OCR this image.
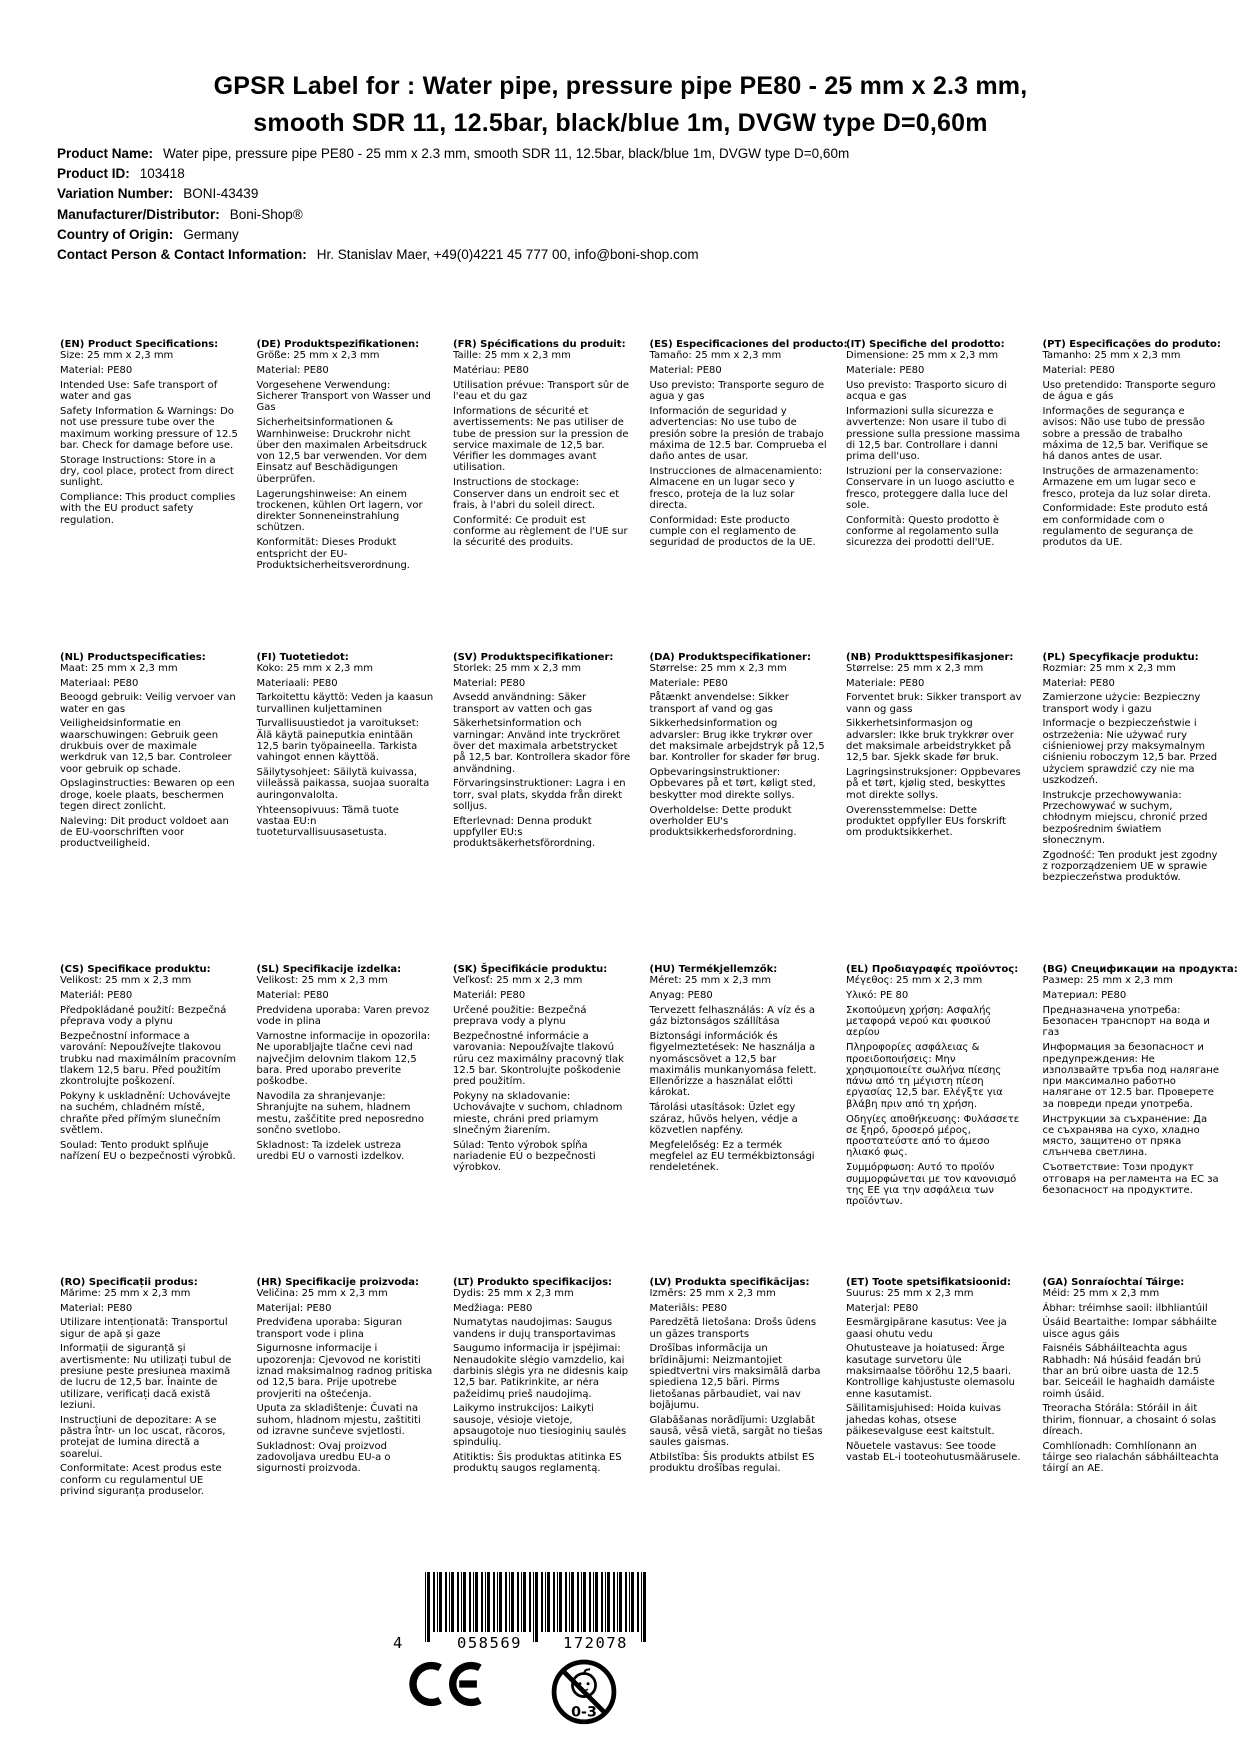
GPSR Label for : Water pipe, pressure pipe PE80 - 25 mm x 2.3 mm,
smooth SDR 11, 12.5bar, black/blue 1m, DVGW type D=0,60m
Product Name: Water pipe, pressure pipe PE80 - 25 mm x 2.3 mm, smooth SDR 11, 12.5bar, black/blue 1m, DVGW type D=0,60m
Product ID: 103418
Variation Number: BONI-43439
Manufacturer/Distributor: Boni-Shop®
Country of Origin: Germany
Contact Person & Contact Information: Hr. Stanislav Maer, +49(0)4221 45 777 00, info@boni-shop.com
(EN) Product Specifications:

Size: 25 mm x 2,3 mm

Material: PE80

Intended Use: Safe transport of water and gas

Safety Information & Warnings: Do not use pressure tube over the maximum working pressure of 12.5 bar. Check for damage before use.

Storage Instructions: Store in a dry, cool place, protect from direct sunlight.

Compliance: This product complies with the EU product safety regulation.

(DE) Produktspezifikationen:

Größe: 25 mm x 2,3 mm

Material: PE80

Vorgesehene Verwendung: Sicherer Transport von Wasser und Gas

Sicherheitsinformationen & Warnhinweise: Druckrohr nicht über den maximalen Arbeitsdruck von 12,5 bar verwenden. Vor dem Einsatz auf Beschädigungen überprüfen.

Lagerungshinweise: An einem trockenen, kühlen Ort lagern, vor direkter Sonneneinstrahlung schützen.

Konformität: Dieses Produkt entspricht der EU-Produktsicherheitsverordnung.

(FR) Spécifications du produit:

Taille: 25 mm x 2,3 mm

Matériau: PE80

Utilisation prévue: Transport sûr de l'eau et du gaz

Informations de sécurité et avertissements: Ne pas utiliser de tube de pression sur la pression de service maximale de 12,5 bar. Vérifier les dommages avant utilisation.

Instructions de stockage: Conserver dans un endroit sec et frais, à l'abri du soleil direct.

Conformité: Ce produit est conforme au règlement de l'UE sur la sécurité des produits.

(ES) Especificaciones del producto:

Tamaño: 25 mm x 2,3 mm

Material: PE80

Uso previsto: Transporte seguro de agua y gas

Información de seguridad y advertencias: No use tubo de presión sobre la presión de trabajo máxima de 12.5 bar. Comprueba el daño antes de usar.

Instrucciones de almacenamiento: Almacene en un lugar seco y fresco, proteja de la luz solar directa.

Conformidad: Este producto cumple con el reglamento de seguridad de productos de la UE.

(IT) Specifiche del prodotto:

Dimensione: 25 mm x 2,3 mm

Materiale: PE80

Uso previsto: Trasporto sicuro di acqua e gas

Informazioni sulla sicurezza e avvertenze: Non usare il tubo di pressione sulla pressione massima di 12,5 bar. Controllare i danni prima dell'uso.

Istruzioni per la conservazione: Conservare in un luogo asciutto e fresco, proteggere dalla luce del sole.

Conformità: Questo prodotto è conforme al regolamento sulla sicurezza dei prodotti dell'UE.

(PT) Especificações do produto:

Tamanho: 25 mm x 2,3 mm

Material: PE80

Uso pretendido: Transporte seguro de água e gás

Informações de segurança e avisos: Não use tubo de pressão sobre a pressão de trabalho máxima de 12,5 bar. Verifique se há danos antes de usar.

Instruções de armazenamento: Armazene em um lugar seco e fresco, proteja da luz solar direta.

Conformidade: Este produto está em conformidade com o regulamento de segurança de produtos da UE.

(NL) Productspecificaties:

Maat: 25 mm x 2,3 mm

Materiaal: PE80

Beoogd gebruik: Veilig vervoer van water en gas

Veiligheidsinformatie en waarschuwingen: Gebruik geen drukbuis over de maximale werkdruk van 12,5 bar. Controleer voor gebruik op schade.

Opslaginstructies: Bewaren op een droge, koele plaats, beschermen tegen direct zonlicht.

Naleving: Dit product voldoet aan de EU-voorschriften voor productveiligheid.

(FI) Tuotetiedot:

Koko: 25 mm x 2,3 mm

Materiaali: PE80

Tarkoitettu käyttö: Veden ja kaasun turvallinen kuljettaminen

Turvallisuustiedot ja varoitukset: Älä käytä paineputkia enintään 12,5 barin työpaineella. Tarkista vahingot ennen käyttöä.

Säilytysohjeet: Säilytä kuivassa, viileässä paikassa, suojaa suoralta auringonvalolta.

Yhteensopivuus: Tämä tuote vastaa EU:n tuoteturvallisuusasetusta.

(SV) Produktspecifikationer:

Storlek: 25 mm x 2,3 mm

Material: PE80

Avsedd användning: Säker transport av vatten och gas

Säkerhetsinformation och varningar: Använd inte tryckröret över det maximala arbetstrycket på 12,5 bar. Kontrollera skador före användning.

Förvaringsinstruktioner: Lagra i en torr, sval plats, skydda från direkt solljus.

Efterlevnad: Denna produkt uppfyller EU:s produktsäkerhetsförordning.

(DA) Produktspecifikationer:

Størrelse: 25 mm x 2,3 mm

Materiale: PE80

Påtænkt anvendelse: Sikker transport af vand og gas

Sikkerhedsinformation og advarsler: Brug ikke trykrør over det maksimale arbejdstryk på 12,5 bar. Kontroller for skader før brug.

Opbevaringsinstruktioner: Opbevares på et tørt, køligt sted, beskytter mod direkte sollys.

Overholdelse: Dette produkt overholder EU's produktsikkerhedsforordning.

(NB) Produkttspesifikasjoner:

Størrelse: 25 mm x 2,3 mm

Materiale: PE80

Forventet bruk: Sikker transport av vann og gass

Sikkerhetsinformasjon og advarsler: Ikke bruk trykkrør over det maksimale arbeidstrykket på 12,5 bar. Sjekk skade før bruk.

Lagringsinstruksjoner: Oppbevares på et tørt, kjølig sted, beskyttes mot direkte sollys.

Overensstemmelse: Dette produktet oppfyller EUs forskrift om produktsikkerhet.

(PL) Specyfikacje produktu:

Rozmiar: 25 mm x 2,3 mm

Materiał: PE80

Zamierzone użycie: Bezpieczny transport wody i gazu

Informacje o bezpieczeństwie i ostrzeżenia: Nie używać rury ciśnieniowej przy maksymalnym ciśnieniu roboczym 12,5 bar. Przed użyciem sprawdzić czy nie ma uszkodzeń.

Instrukcje przechowywania: Przechowywać w suchym, chłodnym miejscu, chronić przed bezpośrednim światłem słonecznym.

Zgodność: Ten produkt jest zgodny z rozporządzeniem UE w sprawie bezpieczeństwa produktów.

(CS) Specifikace produktu:

Velikost: 25 mm x 2,3 mm

Materiál: PE80

Předpokládané použití: Bezpečná přeprava vody a plynu

Bezpečnostní informace a varování: Nepoužívejte tlakovou trubku nad maximálním pracovním tlakem 12,5 baru. Před použitím zkontrolujte poškození.

Pokyny k uskladnění: Uchovávejte na suchém, chladném místě, chraňte před přímým slunečním světlem.

Soulad: Tento produkt splňuje nařízení EU o bezpečnosti výrobků.

(SL) Specifikacije izdelka:

Velikost: 25 mm x 2,3 mm

Material: PE80

Predvidena uporaba: Varen prevoz vode in plina

Varnostne informacije in opozorila: Ne uporabljajte tlačne cevi nad največjim delovnim tlakom 12,5 bara. Pred uporabo preverite poškodbe.

Navodila za shranjevanje: Shranjujte na suhem, hladnem mestu, zaščitite pred neposredno sončno svetlobo.

Skladnost: Ta izdelek ustreza uredbi EU o varnosti izdelkov.

(SK) Špecifikácie produktu:

Veľkosť: 25 mm x 2,3 mm

Materiál: PE80

Určené použitie: Bezpečná preprava vody a plynu

Bezpečnostné informácie a varovania: Nepoužívajte tlakovú rúru cez maximálny pracovný tlak 12.5 bar. Skontrolujte poškodenie pred použitím.

Pokyny na skladovanie: Uchovávajte v suchom, chladnom mieste, chráni pred priamym slnečným žiarením.

Súlad: Tento výrobok spĺňa nariadenie EÚ o bezpečnosti výrobkov.

(HU) Termékjellemzők:

Méret: 25 mm x 2,3 mm

Anyag: PE80

Tervezett felhasználás: A víz és a gáz biztonságos szállítása

Biztonsági információk és figyelmeztetések: Ne használja a nyomáscsövet a 12,5 bar maximális munkanyomása felett. Ellenőrizze a használat előtti károkat.

Tárolási utasítások: Üzlet egy száraz, hűvös helyen, védje a közvetlen napfény.

Megfelelőség: Ez a termék megfelel az EU termékbiztonsági rendeletének.

(EL) Προδιαγραφές προϊόντος:

Μέγεθος: 25 mm x 2,3 mm

Υλικό: PE 80

Σκοπούμενη χρήση: Ασφαλής μεταφορά νερού και φυσικού αερίου

Πληροφορίες ασφάλειας & προειδοποιήσεις: Μην χρησιμοποιείτε σωλήνα πίεσης πάνω από τη μέγιστη πίεση εργασίας 12,5 bar. Ελέγξτε για βλάβη πριν από τη χρήση.

Οδηγίες αποθήκευσης: Φυλάσσετε σε ξηρό, δροσερό μέρος, προστατεύστε από το άμεσο ηλιακό φως.

Συμμόρφωση: Αυτό το προϊόν συμμορφώνεται με τον κανονισμό της ΕΕ για την ασφάλεια των προϊόντων.

(BG) Спецификации на продукта:

Размер: 25 mm x 2,3 mm

Материал: PE80

Предназначена употреба: Безопасен транспорт на вода и газ

Информация за безопасност и предупреждения: Не използвайте тръба под налягане при максимално работно налягане от 12.5 bar. Проверете за повреди преди употреба.

Инструкции за съхранение: Да се съхранява на сухо, хладно място, защитено от пряка слънчева светлина.

Съответствие: Този продукт отговаря на регламента на ЕС за безопасност на продуктите.

(RO) Specificații produs:

Mărime: 25 mm x 2,3 mm

Material: PE80

Utilizare intenționată: Transportul sigur de apă și gaze

Informații de siguranță și avertismente: Nu utilizați tubul de presiune peste presiunea maximă de lucru de 12,5 bar. Înainte de utilizare, verificați dacă există leziuni.

Instrucțiuni de depozitare: A se păstra într- un loc uscat, răcoros, protejat de lumina directă a soarelui.

Conformitate: Acest produs este conform cu regulamentul UE privind siguranța produselor.

(HR) Specifikacije proizvoda:

Veličina: 25 mm x 2,3 mm

Materijal: PE80

Predviđena uporaba: Siguran transport vode i plina

Sigurnosne informacije i upozorenja: Cjevovod ne koristiti iznad maksimalnog radnog pritiska od 12,5 bara. Prije upotrebe provjeriti na oštećenja.

Uputa za skladištenje: Čuvati na suhom, hladnom mjestu, zaštititi od izravne sunčeve svjetlosti.

Sukladnost: Ovaj proizvod zadovoljava uredbu EU-a o sigurnosti proizvoda.

(LT) Produkto specifikacijos:

Dydis: 25 mm x 2,3 mm

Medžiaga: PE80

Numatytas naudojimas: Saugus vandens ir dujų transportavimas

Saugumo informacija ir įspėjimai: Nenaudokite slėgio vamzdelio, kai darbinis slėgis yra ne didesnis kaip 12,5 bar. Patikrinkite, ar nėra pažeidimų prieš naudojimą.

Laikymo instrukcijos: Laikyti sausoje, vėsioje vietoje, apsaugotoje nuo tiesioginių saulės spindulių.

Atitiktis: Šis produktas atitinka ES produktų saugos reglamentą.

(LV) Produkta specifikācijas:

Izmērs: 25 mm x 2,3 mm

Materiāls: PE80

Paredzētā lietošana: Drošs ūdens un gāzes transports

Drošības informācija un brīdinājumi: Neizmantojiet spiedtvertni virs maksimālā darba spiediena 12,5 bāri. Pirms lietošanas pārbaudiet, vai nav bojājumu.

Glabāšanas norādījumi: Uzglabāt sausā, vēsā vietā, sargāt no tiešas saules gaismas.

Atbilstība: Šis produkts atbilst ES produktu drošības regulai.

(ET) Toote spetsifikatsioonid:

Suurus: 25 mm x 2,3 mm

Materjal: PE80

Eesmärgipärane kasutus: Vee ja gaasi ohutu vedu

Ohutusteave ja hoiatused: Ärge kasutage survetoru üle maksimaalse töörõhu 12,5 baari. Kontrollige kahjustuste olemasolu enne kasutamist.

Säilitamisjuhised: Hoida kuivas jahedas kohas, otsese päikesevalguse eest kaitstult.

Nõuetele vastavus: See toode vastab EL-i tooteohutusmäärusele.

(GA) Sonraíochtaí Táirge:

Méid: 25 mm x 2,3 mm

Ábhar: tréimhse saoil: ilbhliantúil

Úsáid Beartaithe: Iompar sábháilte uisce agus gáis

Faisnéis Sábháilteachta agus Rabhadh: Ná húsáid feadán brú thar an brú oibre uasta de 12.5 bar. Seiceáil le haghaidh damáiste roimh úsáid.

Treoracha Stórála: Stóráil in áit thirim, fionnuar, a chosaint ó solas díreach.

Comhlíonadh: Comhlíonann an táirge seo rialachán sábháilteachta táirgí an AE.

4	058569	172078
0-3
